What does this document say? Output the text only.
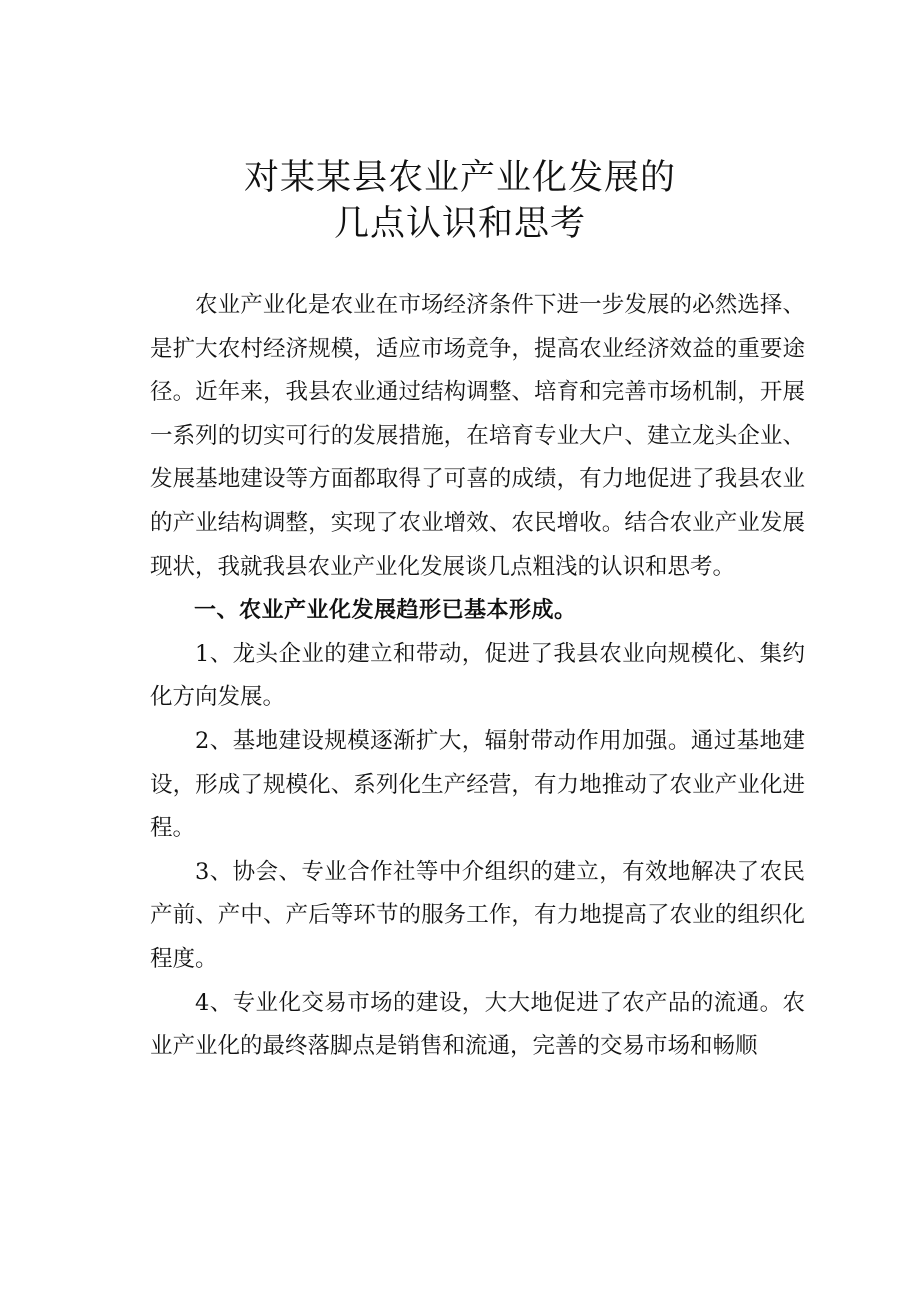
对某某县农业产业化发展的
几点认识和思考

农业产业化是农业在市场经济条件下进一步发展的必然选择、是扩大农村经济规模，适应市场竞争，提高农业经济效益的重要途径。近年来，我县农业通过结构调整、培育和完善市场机制，开展一系列的切实可行的发展措施，在培育专业大户、建立龙头企业、发展基地建设等方面都取得了可喜的成绩，有力地促进了我县农业的产业结构调整，实现了农业增效、农民增收。结合农业产业发展现状，我就我县农业产业化发展谈几点粗浅的认识和思考。

一、农业产业化发展趋形已基本形成。

1、龙头企业的建立和带动，促进了我县农业向规模化、集约化方向发展。

2、基地建设规模逐渐扩大，辐射带动作用加强。通过基地建设，形成了规模化、系列化生产经营，有力地推动了农业产业化进程。

3、协会、专业合作社等中介组织的建立，有效地解决了农民产前、产中、产后等环节的服务工作，有力地提高了农业的组织化程度。

4、专业化交易市场的建设，大大地促进了农产品的流通。农业产业化的最终落脚点是销售和流通，完善的交易市场和畅顺
